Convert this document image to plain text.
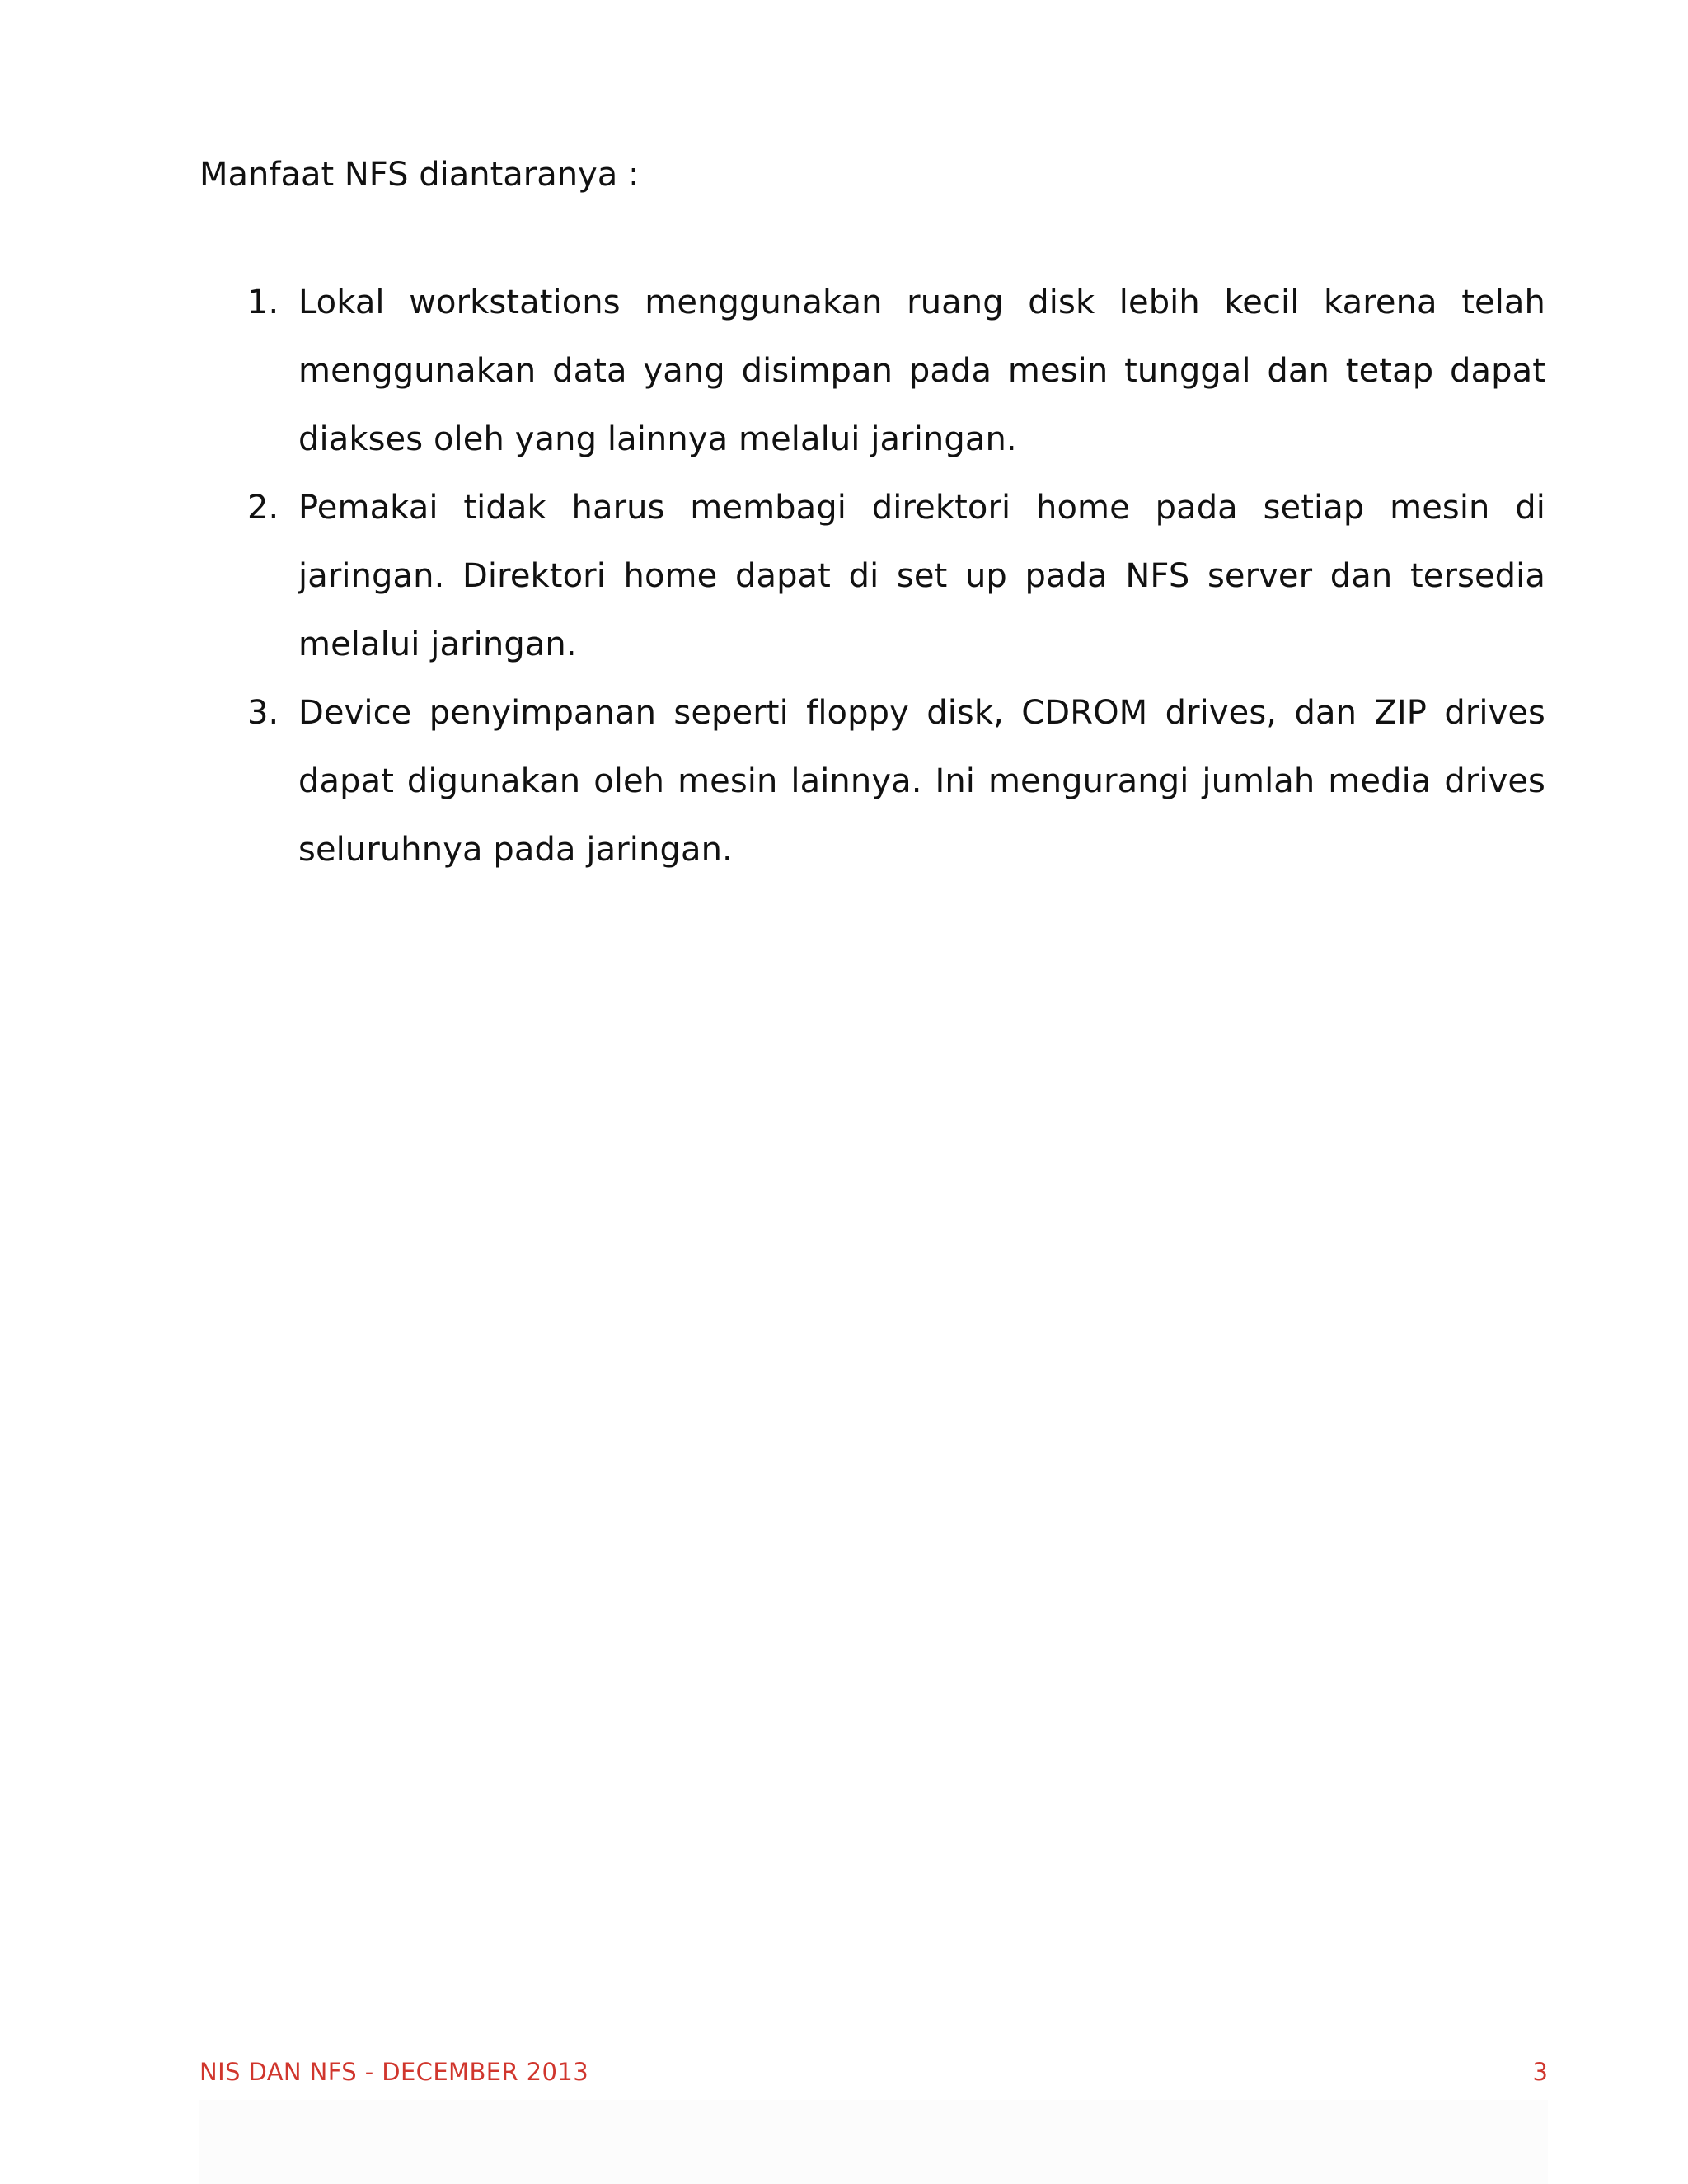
Manfaat NFS diantaranya :
1. Lokal workstations menggunakan ruang disk lebih kecil karena telah menggunakan data yang disimpan pada mesin tunggal dan tetap dapat diakses oleh yang lainnya melalui jaringan.
2. Pemakai tidak harus membagi direktori home pada setiap mesin di jaringan. Direktori home dapat di set up pada NFS server dan tersedia melalui jaringan.
3. Device penyimpanan seperti floppy disk, CDROM drives, dan ZIP drives dapat digunakan oleh mesin lainnya. Ini mengurangi jumlah media drives seluruhnya pada jaringan.
NIS DAN NFS - DECEMBER 2013	3
